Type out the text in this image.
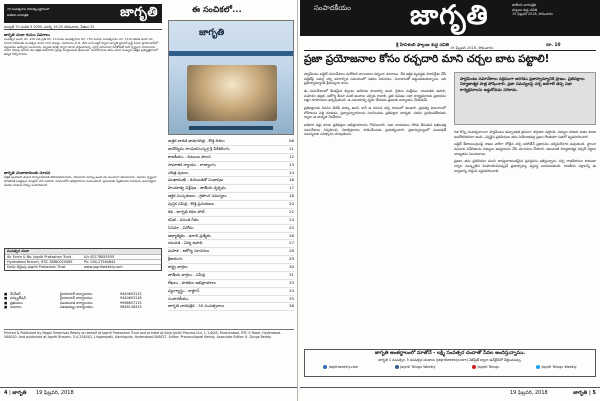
70 సంవత్సరాల సాహిత్య ప్రస్థానంలో
జాతీయ వారపత్రిక	జాగృతి
సంపుటి 70 సంచిక 9 2000, మార్చి 19-25 సోమవారం, పేజీలు 32
జాగృతి చందా రుసుం వివరాలు
సంవత్సర చందా రూ. 400 విడి ప్రతి రూ. 10 రెండు సంవత్సరాలు రూ. 750 మూడు సంవత్సరాలు రూ. 1100 జీవిత చందా రూ. 5000 విదేశాలకు సంవత్సర చందా 100 డాలర్లు. చందాలను డి.డి. లేదా మనీ ఆర్డర్ ద్వారా జాగృతి ప్రకాశన్ ట్రస్ట్ పేరున హైదరాబాద్‌లో చెల్లుబాటు అయ్యేలా పంపగలరు. బ్యాంకు ఖాతా ద్వారా కూడా చెల్లించవచ్చు. పూర్తి చిరునామా పిన్‌కోడ్‌తో సహా స్పష్టంగా రాయగలరు. చందా గడువు ముగిసే నెల పత్రిక చిరునామా స్లిప్‌పై ముద్రించబడి ఉంటుంది. చందాదారులు తమ చందా సంఖ్యను ఉత్తర ప్రత్యుత్తరాలలో తప్పక పేర్కొనగలరు.
జాగృతి చందాదారులకు సూచన
పత్రిక అందనిచో వెంటనే కార్యాలయానికి తెలియజేయగలరు. చిరునామా మార్పు ఉంటే నెల ముందుగా తెలుపగలరు. రచనలు స్పష్టంగా కాగితానికి ఒకవైపున మాత్రమే రాసి పంపాలి. రచనలలోని అభిప్రాయాలు రచయితలవే. ప్రచురణకు స్వీకరించిన రచనలను అవసరమైన మేరకు సవరించే హక్కు సంపాదకులదే.
సంవత్సర చందా
Air Force & No. Jagriti Prakashan Trust	A/c 62178855555
Hyderabad Branch, IFSC SBIN0020069	Ph: 040-27564844
Daily చెల్లింపు Jagriti Prakashan Trust	www.jagritiweekly.com
■ మేనేజర్	హైదరాబాద్ కార్యాలయం	9440603115
■ సర్క్యులేషన్	హైదరాబాద్ కార్యాలయం	9440603118
■ ప్రకటనలు	విజయవాడ కార్యాలయం	9966637113
■ చందాలు	విశాఖపట్నం కార్యాలయం	9848136433
Printed & Published by Nagol Sreenivas Reddy on behalf of Jagriti Prakashan Trust and printed at Kala Jyothi Process Ltd, 1-1-60/5, Mushirabad, RTC X Road, Hyderabad-500020. And published at Jagriti Bhavan, 3-4-228/4/1, Lingampalli, Kachiguda, Hyderabad-500027. Editor: Pranavulapati Reddy, Associate Editor: K. Durga Reddy.
ఈ సంచికలో...
జాగృతి
ఉత్తర భారత భాషాచరిత్ర - కొత్త దిశలు	06
భావోద్యమ సాంఘికసంస్కర్త శ్రీ వీరేశలింగం	11
రాజకీయం - కుటుంబ పాలన	12
సామాజిక న్యాయం - రాజ్యాంగం	13
చరిత్ర పుటలు	14
ముఖాముఖి - రచయితతో సంభాషణ	16
హిందూత్వ విశ్లేషణ - జాతీయ దృక్పథం	17
ఆర్థిక సంస్కరణలు - రైతాంగ సమస్యలు	18
పుస్తక సమీక్ష - కొత్త ప్రచురణలు	20
కథ - జాగృతి కథల పోటీ	22
కవిత - వసంత గీతం	24
సినిమా - వినోదం	25
ఆధ్యాత్మికం - ఉగాది ప్రత్యేకం	26
యువత - విద్య ఉపాధి	27
మహిళ - ఆరోగ్య సూచనలు	28
క్రీడారంగం	29
రాష్ట్ర వార్తలు	30
జాతీయ వార్తలు - సమీక్ష	31
లేఖలు - పాఠకుల అభిప్రాయాలు	33
వ్యంగ్యాస్త్రం - కార్టూన్	34
సంపాదకీయం	35
జాగృతి వారపత్రిక - 50 సంవత్సరాలు	36
4 | జాగృతి 19 ఫిబ్రవరి, 2018
సంపాదకీయం జాగృతి	జాతీయ వారపత్రిక
ఫాల్గుణ శుద్ధ చవితి
19 ఫిబ్రవరి 2018, సోమవారం
శ్రీ హేవిళంబి ఫాల్గుణ శుద్ధ చవితి 19 ఫిబ్రవరి 2018, సోమవారం	రూ. 10
ప్రజా ప్రయోజనాల కోసం రచ్చదారి మాని చర్చల బాట పట్టాలి!

పార్లమెంటు బడ్జెట్ సమావేశాలు మరోసారి వాయిదాల పర్వంగా మారాయి. దేశ ఆర్థిక వ్యవస్థకు దిశానిర్దేశం చేసే బడ్జెట్‌పై సమగ్ర చర్చ జరగాల్సిన సమయంలో సభలు నిరసనలు, నినాదాలతో అట్టుడుకుతున్నాయి. ఇది ప్రజాస్వామ్యానికి శ్రేయస్కరం కాదు.

ఈ సమావేశాలలో కీలకమైన బిల్లులు ఆమోదం పొందాల్సి ఉంది. రైతుల సంక్షేమం, యువతకు ఉపాధి, మహిళల భద్రత, ఆరోగ్య బీమా వంటి అంశాలు చర్చకు రావాలి. ప్రతి నిమిషం సభా కార్యక్రమాలకు ప్రజాధనం లక్షల రూపాయలు ఖర్చవుతుంది. ఆ సమయాన్ని వృథా చేయడం ప్రజలకు అన్యాయం చేయడమే.

ప్రతిపక్షాలకు నిరసన తెలిపే హక్కు ఉంది. కానీ ఆ నిరసన చర్చ రూపంలో ఉండాలి. ప్రభుత్వ విధానాలలో లోపాలను ఎత్తి చూపడం, ప్రత్యామ్నాయాలను సూచించడం ప్రతిపక్షాల బాధ్యత. సభను స్తంభింపజేయడం ద్వారా ఆ బాధ్యత నెరవేరదు.

అధికార పక్షం కూడా ప్రతిపక్షాల అభిప్రాయాలను గౌరవించాలి. సభా నాయకులు చొరవ తీసుకుని అఖిలపక్ష సమావేశాలు నిర్వహించి, ఏకాభిప్రాయం సాధించేందుకు ప్రయత్నించాలి. ప్రజాస్వామ్యంలో సంభాషణే సమస్యలకు పరిష్కారం చూపుతుంది.

పార్లమెంటు సమావేశాలు సక్రమంగా జరగడం ప్రజాస్వామ్యానికి ప్రాణం. ప్రతిపక్షాలు నిర్మాణాత్మక పాత్ర పోషించాలి. ప్రజా సమస్యలపై చర్చ జరగాలే తప్ప సభా కార్యక్రమాలను అడ్డుకోవడం సరికాదు.

గత కొన్ని సంవత్సరాలుగా పార్లమెంటు ఉత్పాదకత క్రమంగా తగ్గుతూ వస్తోంది. సభ్యుల హాజరు శాతం కూడా ఆందోళనకరంగా ఉంది. ఎన్నికైన ప్రతినిధులు తమ నియోజకవర్గ ప్రజల గొంతుకగా సభలో వ్యవహరించాలి.

బడ్జెట్ కేటాయింపులపై శాఖల వారీగా లోతైన చర్చ జరిగితేనే ప్రజాధనం సద్వినియోగం అవుతుంది. స్థాయీ సంఘాల నివేదికలను సభ్యులు అధ్యయనం చేసి సూచనలు చేయాలి. ఇటువంటి నిర్మాణాత్మక చర్చలే చట్టాల నాణ్యతను పెంచుతాయి.

ప్రజలు తమ ప్రతినిధుల నుంచి బాధ్యతాయుతమైన ప్రవర్తనను ఆశిస్తున్నారు. రచ్చ రాజకీయాలు కాకుండా చర్చల సంస్కృతిని పెంపొందించినప్పుడే ప్రజాస్వామ్య వ్యవస్థ బలపడుతుంది. రాజకీయ పక్షాలన్నీ ఈ వాస్తవాన్ని గుర్తించి వ్యవహరించాలి.

జాగృతి అంతర్జాలంలో మాతోనే - లక్ష్మి సంవత్సర చందాతో సేవల అందిస్తున్నాము.
జాగృతి 1 సంవత్సర, 5 సంవత్సర చందాలు (jagritiweekly.com) వెబ్‌సైట్ ద్వారా ఆన్‌లైన్‌లో చెల్లించవచ్చు.
jagritiweekly.com	Jagriti Telugu Weekly	Jagriti Telugu	Jagriti Telugu Weekly
19 ఫిబ్రవరి, 2018	జాగృతి | 5
